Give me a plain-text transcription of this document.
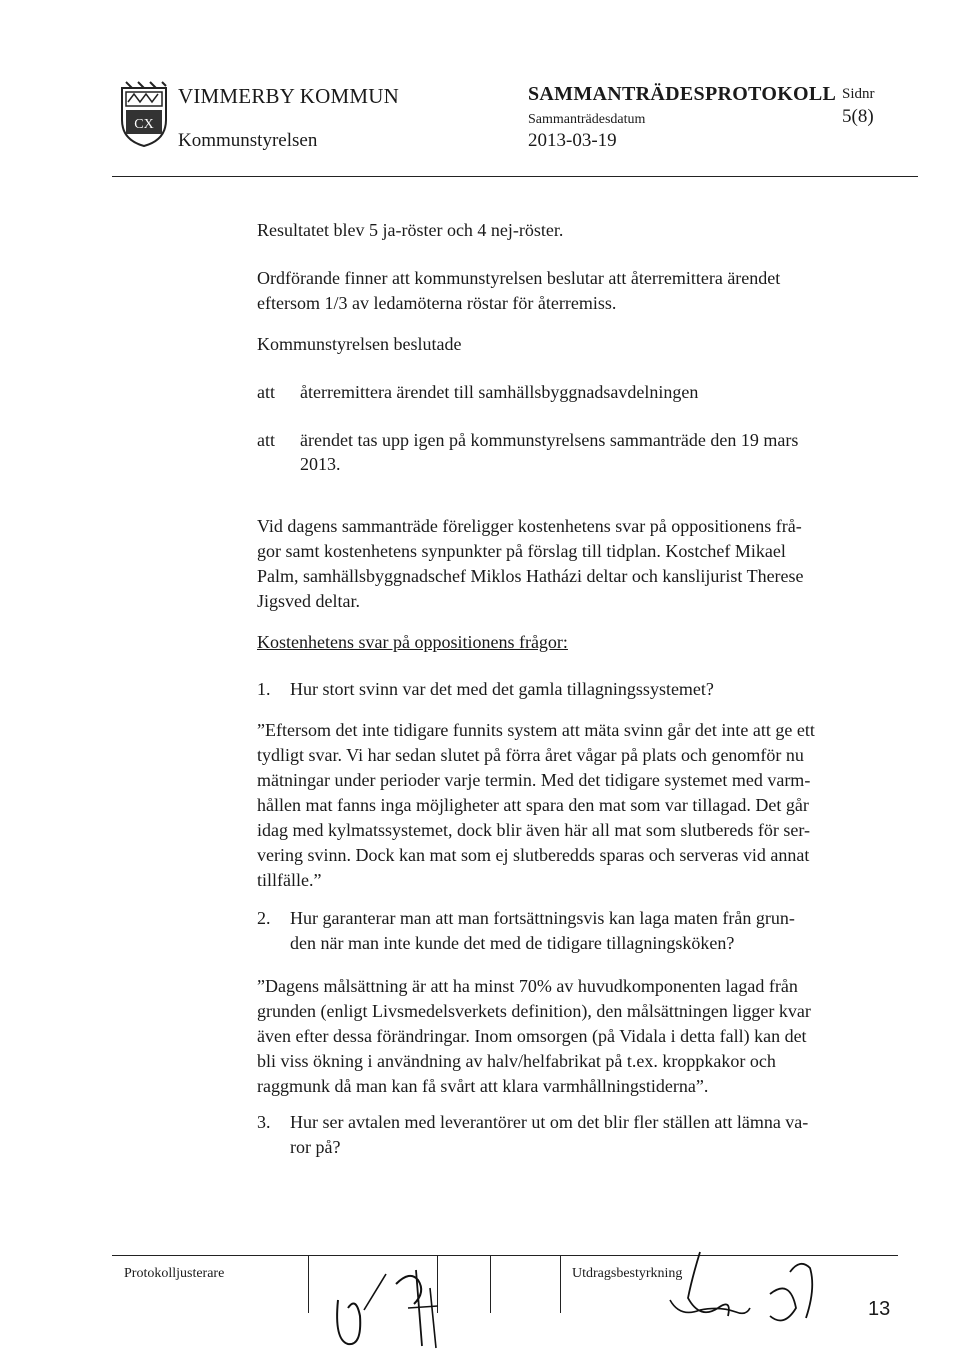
CX
VIMMERBY KOMMUN
Kommunstyrelsen
SAMMANTRÄDESPROTOKOLL
Sammanträdesdatum
2013-03-19
Sidnr
5(8)
Resultatet blev 5 ja-röster och 4 nej-röster.
Ordförande finner att kommunstyrelsen beslutar att återremittera ärendet
eftersom 1/3 av ledamöterna röstar för återremiss.
Kommunstyrelsen beslutade
att återremittera ärendet till samhällsbyggnadsavdelningen
att ärendet tas upp igen på kommunstyrelsens sammanträde den 19 mars
2013.
Vid dagens sammanträde föreligger kostenhetens svar på oppositionens frå-
gor samt kostenhetens synpunkter på förslag till tidplan. Kostchef Mikael
Palm, samhällsbyggnadschef Miklos Hatházi deltar och kanslijurist Therese
Jigsved deltar.
Kostenhetens svar på oppositionens frågor:
1. Hur stort svinn var det med det gamla tillagningssystemet?
”Eftersom det inte tidigare funnits system att mäta svinn går det inte att ge ett
tydligt svar. Vi har sedan slutet på förra året vågar på plats och genomför nu
mätningar under perioder varje termin. Med det tidigare systemet med varm-
hållen mat fanns inga möjligheter att spara den mat som var tillagad. Det går
idag med kylmatssystemet, dock blir även här all mat som slutbereds för ser-
vering svinn. Dock kan mat som ej slutberedds sparas och serveras vid annat
tillfälle.”
2. Hur garanterar man att man fortsättningsvis kan laga maten från grun-
den när man inte kunde det med de tidigare tillagningsköken?
”Dagens målsättning är att ha minst 70% av huvudkomponenten lagad från
grunden (enligt Livsmedelsverkets definition), den målsättningen ligger kvar
även efter dessa förändringar. Inom omsorgen (på Vidala i detta fall) kan det
bli viss ökning i användning av halv/helfabrikat på t.ex. kroppkakor och
raggmunk då man kan få svårt att klara varmhållningstiderna”.
3. Hur ser avtalen med leverantörer ut om det blir fler ställen att lämna va-
ror på?
Protokolljusterare	Utdragsbestyrkning
13
